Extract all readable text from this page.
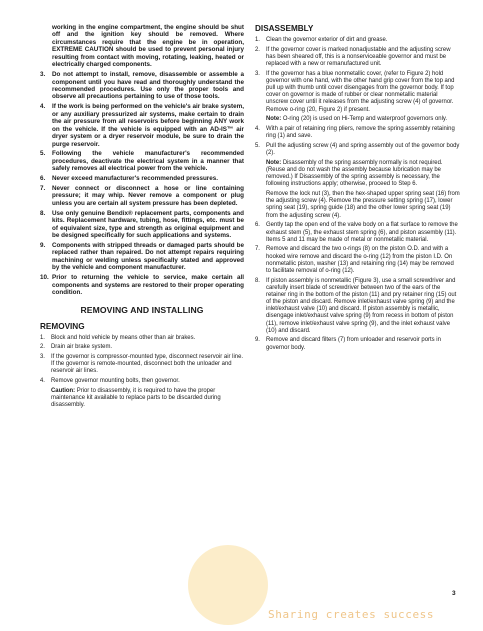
working in the engine compartment, the engine should be shut off and the ignition key should be removed. Where circumstances require that the engine be in operation, EXTREME CAUTION should be used to prevent personal injury resulting from contact with moving, rotating, leaking, heated or electrically charged components.
3.	Do not attempt to install, remove, disassemble or assemble a component until you have read and thoroughly understand the recommended procedures. Use only the proper tools and observe all precautions pertaining to use of those tools.
4.	If the work is being performed on the vehicle's air brake system, or any auxiliary pressurized air systems, make certain to drain the air pressure from all reservoirs before beginning ANY work on the vehicle. If the vehicle is equipped with an AD-IS™ air dryer system or a dryer reservoir module, be sure to drain the purge reservoir.
5.	Following the vehicle manufacturer's recommended procedures, deactivate the electrical system in a manner that safely removes all electrical power from the vehicle.
6.	Never exceed manufacturer's recommended pressures.
7.	Never connect or disconnect a hose or line containing pressure; it may whip. Never remove a component or plug unless you are certain all system pressure has been depleted.
8.	Use only genuine Bendix® replacement parts, components and kits. Replacement hardware, tubing, hose, fittings, etc. must be of equivalent size, type and strength as original equipment and be designed specifically for such applications and systems.
9.	Components with stripped threads or damaged parts should be replaced rather than repaired. Do not attempt repairs requiring machining or welding unless specifically stated and approved by the vehicle and component manufacturer.
10. Prior to returning the vehicle to service, make certain all components and systems are restored to their proper operating condition.
REMOVING AND INSTALLING
REMOVING
1.	Block and hold vehicle by means other than air brakes.

2.	Drain air brake system.

3.	If the governor is compressor-mounted type, disconnect reservoir air line. If the governor is remote-mounted, disconnect both the unloader and reservoir air lines.

4.	Remove governor mounting bolts, then governor.

Caution: Prior to disassembly, it is required to have the proper maintenance kit available to replace parts to be discarded during disassembly.

DISASSEMBLY
1.	Clean the governor exterior of dirt and grease.

2.	If the governor cover is marked nonadjustable and the adjusting screw has been sheared off, this is a nonserviceable governor and must be replaced with a new or remanufactured unit.

3.	If the governor has a blue nonmetallic cover, (refer to Figure 2) hold governor with one hand, with the other hand grip cover from the top and pull up with thumb until cover disengages from the governor body. If top cover on governor is made of rubber or clear nonmetallic material unscrew cover until it releases from the adjusting screw (4) of governor. Remove o-ring (20, Figure 2) if present.

Note: O-ring (20) is used on Hi-Temp and waterproof governors only.

4.	With a pair of retaining ring pliers, remove the spring assembly retaining ring (1) and save.

5.	Pull the adjusting screw (4) and spring assembly out of the governor body (2).

Note: Disassembly of the spring assembly normally is not required. (Reuse and do not wash the assembly because lubrication may be removed.) If Disassembly of the spring assembly is necessary, the following instructions apply; otherwise, proceed to Step 6.

Remove the lock nut (3), then the hex-shaped upper spring seat (16) from the adjusting screw (4). Remove the pressure setting spring (17), lower spring seat (19), spring guide (18) and the other lower spring seat (19) from the adjusting screw (4).

6.	Gently tap the open end of the valve body on a flat surface to remove the exhaust stem (5), the exhaust stem spring (6), and piston assembly (11). Items 5 and 11 may be made of metal or nonmetallic material.

7.	Remove and discard the two o-rings (8) on the piston O.D. and with a hooked wire remove and discard the o-ring (12) from the piston I.D. On nonmetallic piston, washer (13) and retaining ring (14) may be removed to facilitate removal of o-ring (12).

8.	If piston assembly is nonmetallic (Figure 3), use a small screwdriver and carefully insert blade of screwdriver between two of the ears of the retainer ring in the bottom of the piston (11) and pry retainer ring (15) out of the piston and discard. Remove inlet/exhaust valve spring (9) and the inlet/exhaust valve (10) and discard. If piston assembly is metallic, disengage inlet/exhaust valve spring (9) from recess in bottom of piston (11), remove inlet/exhaust valve spring (9), and the inlet exhaust valve (10) and discard.

9.	Remove and discard filters (7) from unloader and reservoir ports in governor body.

Sharing creates success
3
